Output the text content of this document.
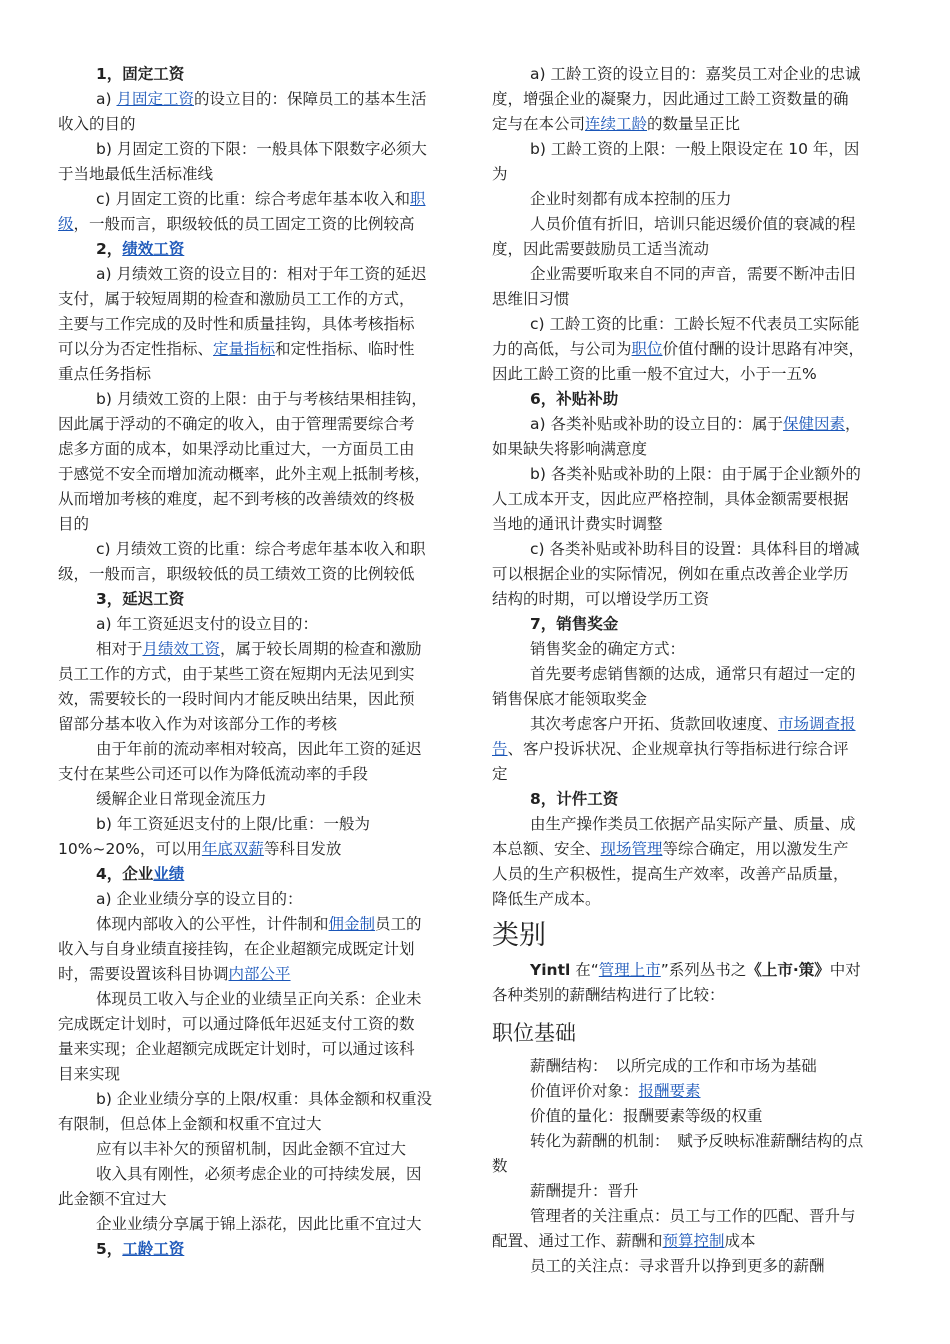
1，固定工资
a) 月固定工资的设立目的：保障员工的基本生活
收入的目的
b) 月固定工资的下限：一般具体下限数字必须大
于当地最低生活标准线
c) 月固定工资的比重：综合考虑年基本收入和职
级，一般而言，职级较低的员工固定工资的比例较高
2，绩效工资
a) 月绩效工资的设立目的：相对于年工资的延迟
支付，属于较短周期的检查和激励员工工作的方式，
主要与工作完成的及时性和质量挂钩，具体考核指标
可以分为否定性指标、定量指标和定性指标、临时性
重点任务指标
b) 月绩效工资的上限：由于与考核结果相挂钩，
因此属于浮动的不确定的收入，由于管理需要综合考
虑多方面的成本，如果浮动比重过大，一方面员工由
于感觉不安全而增加流动概率，此外主观上抵制考核，
从而增加考核的难度，起不到考核的改善绩效的终极
目的
c) 月绩效工资的比重：综合考虑年基本收入和职
级，一般而言，职级较低的员工绩效工资的比例较低
3，延迟工资
a) 年工资延迟支付的设立目的：
相对于月绩效工资，属于较长周期的检查和激励
员工工作的方式，由于某些工资在短期内无法见到实
效，需要较长的一段时间内才能反映出结果，因此预
留部分基本收入作为对该部分工作的考核
由于年前的流动率相对较高，因此年工资的延迟
支付在某些公司还可以作为降低流动率的手段
缓解企业日常现金流压力
b) 年工资延迟支付的上限/比重：一般为
10%~20%，可以用年底双薪等科目发放
4，企业业绩
a) 企业业绩分享的设立目的：
体现内部收入的公平性，计件制和佣金制员工的
收入与自身业绩直接挂钩，在企业超额完成既定计划
时，需要设置该科目协调内部公平
体现员工收入与企业的业绩呈正向关系：企业未
完成既定计划时，可以通过降低年迟延支付工资的数
量来实现；企业超额完成既定计划时，可以通过该科
目来实现
b) 企业业绩分享的上限/权重：具体金额和权重没
有限制，但总体上金额和权重不宜过大
应有以丰补欠的预留机制，因此金额不宜过大
收入具有刚性，必须考虑企业的可持续发展，因
此金额不宜过大
企业业绩分享属于锦上添花，因此比重不宜过大
5，工龄工资
a) 工龄工资的设立目的：嘉奖员工对企业的忠诚
度，增强企业的凝聚力，因此通过工龄工资数量的确
定与在本公司连续工龄的数量呈正比
b) 工龄工资的上限：一般上限设定在 10 年，因
为
企业时刻都有成本控制的压力
人员价值有折旧，培训只能迟缓价值的衰减的程
度，因此需要鼓励员工适当流动
企业需要听取来自不同的声音，需要不断冲击旧
思维旧习惯
c) 工龄工资的比重：工龄长短不代表员工实际能
力的高低，与公司为职位价值付酬的设计思路有冲突，
因此工龄工资的比重一般不宜过大，小于一五%
6，补贴补助
a) 各类补贴或补助的设立目的：属于保健因素，
如果缺失将影响满意度
b) 各类补贴或补助的上限：由于属于企业额外的
人工成本开支，因此应严格控制，具体金额需要根据
当地的通讯计费实时调整
c) 各类补贴或补助科目的设置：具体科目的增减
可以根据企业的实际情况，例如在重点改善企业学历
结构的时期，可以增设学历工资
7，销售奖金
销售奖金的确定方式：
首先要考虑销售额的达成，通常只有超过一定的
销售保底才能领取奖金
其次考虑客户开拓、货款回收速度、市场调查报
告、客户投诉状况、企业规章执行等指标进行综合评
定
8，计件工资
由生产操作类员工依据产品实际产量、质量、成
本总额、安全、现场管理等综合确定，用以激发生产
人员的生产积极性，提高生产效率，改善产品质量，
降低生产成本。
类别
Yintl 在“管理上市”系列丛书之《上市·策》中对
各种类别的薪酬结构进行了比较：
职位基础
薪酬结构：　以所完成的工作和市场为基础
价值评价对象：报酬要素
价值的量化：报酬要素等级的权重
转化为薪酬的机制：　赋予反映标准薪酬结构的点
数
薪酬提升：晋升
管理者的关注重点：员工与工作的匹配、晋升与
配置、通过工作、薪酬和预算控制成本
员工的关注点：寻求晋升以挣到更多的薪酬
